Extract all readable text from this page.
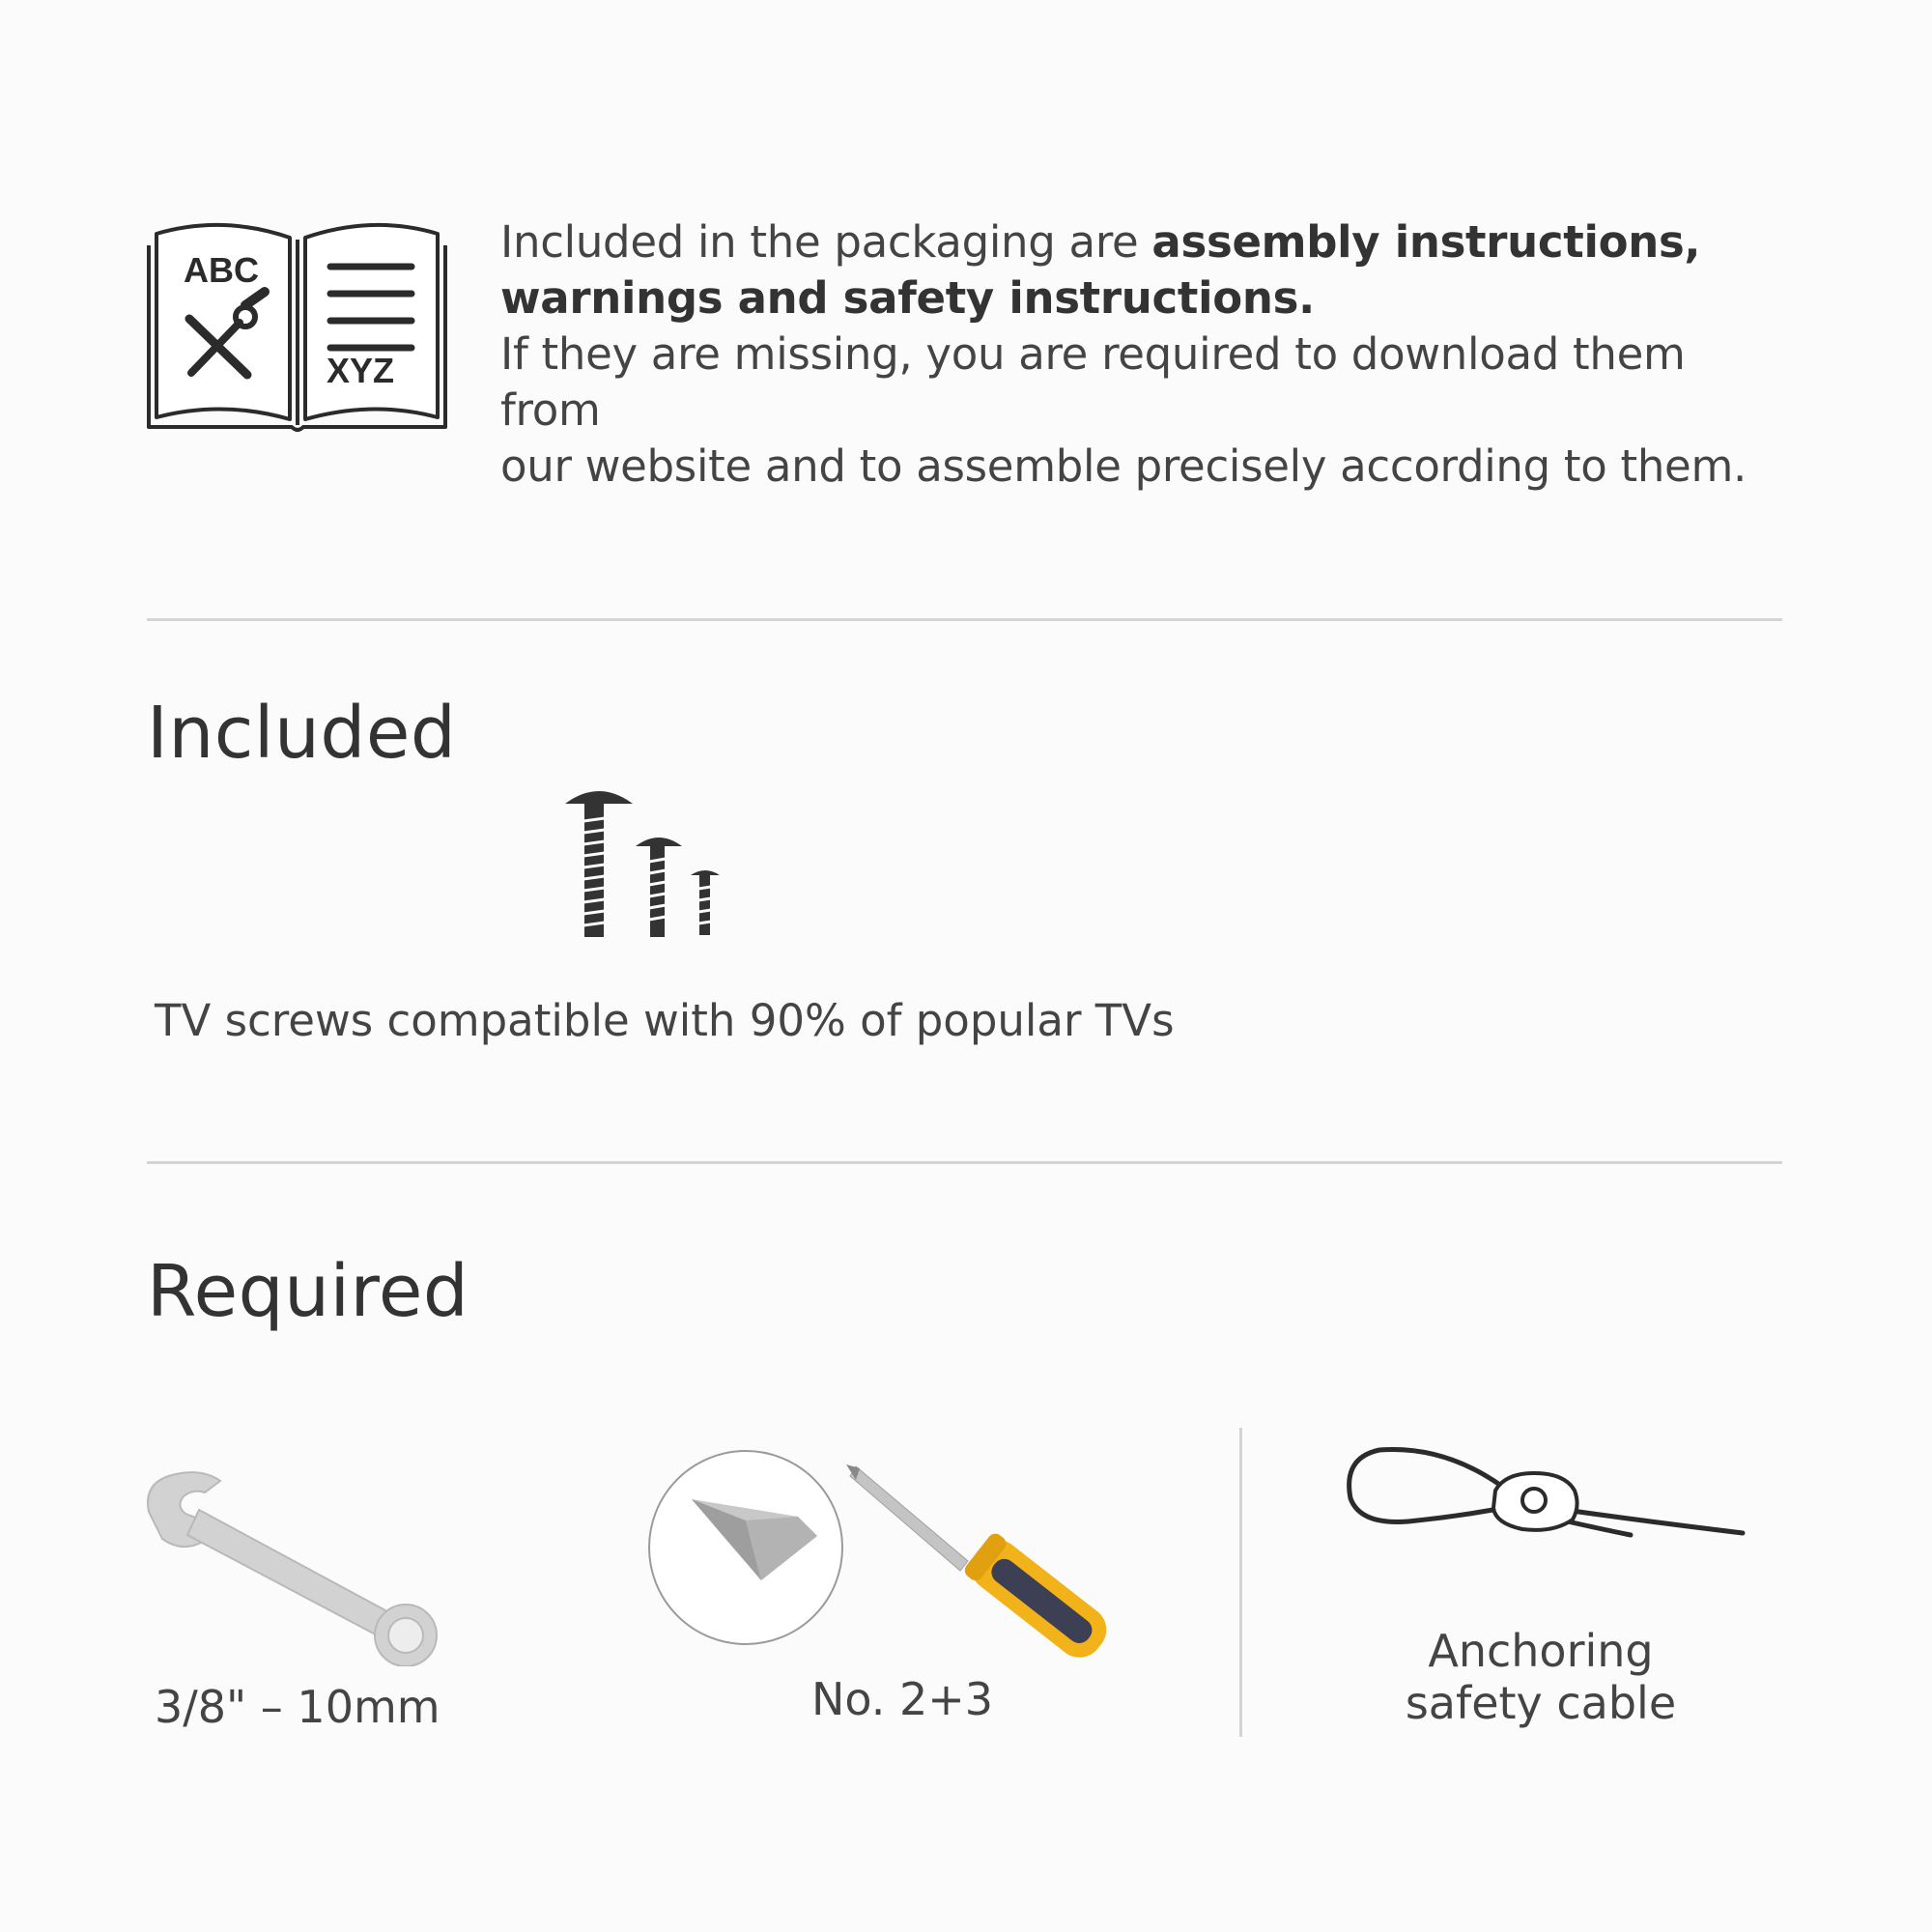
ABC
XYZ
Included in the packaging are assembly instructions,
warnings and safety instructions.
If they are missing, you are required to download them from
our website and to assemble precisely according to them.
Included
TV screws compatible with 90% of popular TVs
Required
3/8" – 10mm	No. 2+3
Anchoring
safety cable
